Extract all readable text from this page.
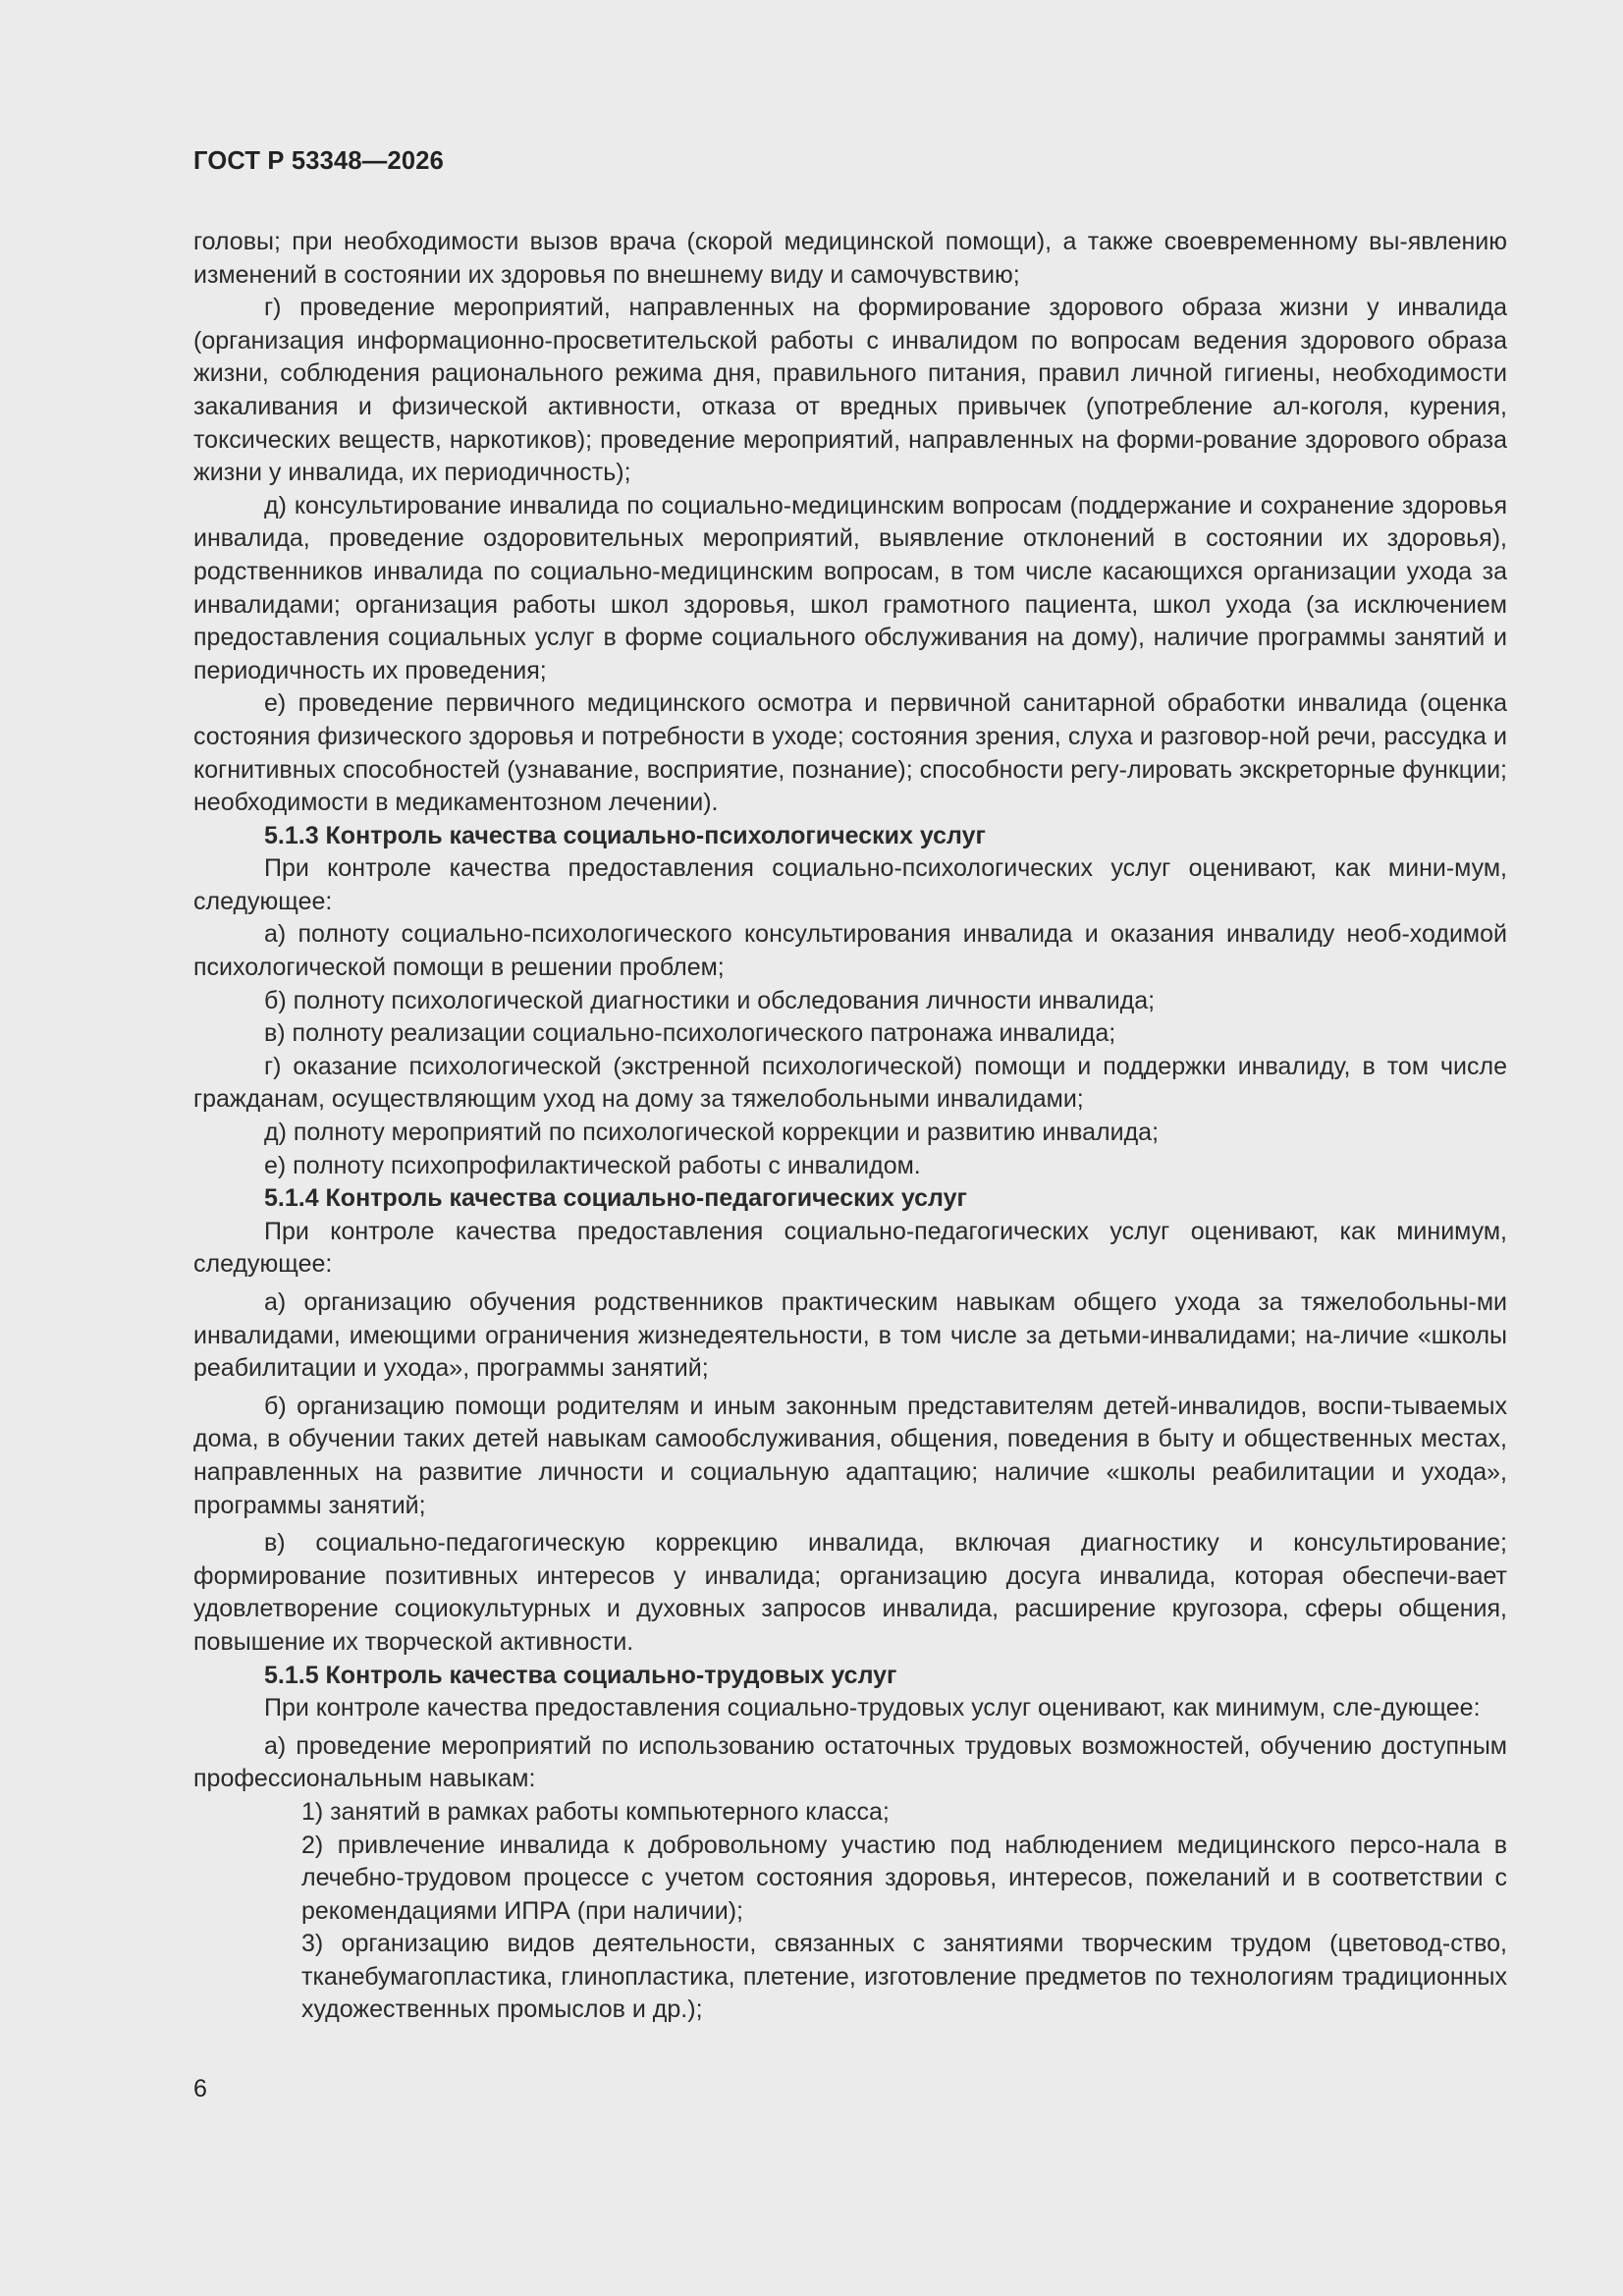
ГОСТ Р 53348—2026

головы; при необходимости вызов врача (скорой медицинской помощи), а также своевременному вы-явлению изменений в состоянии их здоровья по внешнему виду и самочувствию;

г) проведение мероприятий, направленных на формирование здорового образа жизни у инвалида (организация информационно-просветительской работы с инвалидом по вопросам ведения здорового образа жизни, соблюдения рационального режима дня, правильного питания, правил личной гигиены, необходимости закаливания и физической активности, отказа от вредных привычек (употребление ал-коголя, курения, токсических веществ, наркотиков); проведение мероприятий, направленных на форми-рование здорового образа жизни у инвалида, их периодичность);

д) консультирование инвалида по социально-медицинским вопросам (поддержание и сохранение здоровья инвалида, проведение оздоровительных мероприятий, выявление отклонений в состоянии их здоровья), родственников инвалида по социально-медицинским вопросам, в том числе касающихся организации ухода за инвалидами; организация работы школ здоровья, школ грамотного пациента, школ ухода (за исключением предоставления социальных услуг в форме социального обслуживания на дому), наличие программы занятий и периодичность их проведения;

е) проведение первичного медицинского осмотра и первичной санитарной обработки инвалида (оценка состояния физического здоровья и потребности в уходе; состояния зрения, слуха и разговор-ной речи, рассудка и когнитивных способностей (узнавание, восприятие, познание); способности регу-лировать экскреторные функции; необходимости в медикаментозном лечении).

5.1.3 Контроль качества социально-психологических услуг

При контроле качества предоставления социально-психологических услуг оценивают, как мини-мум, следующее:

а) полноту социально-психологического консультирования инвалида и оказания инвалиду необ-ходимой психологической помощи в решении проблем;

б) полноту психологической диагностики и обследования личности инвалида;

в) полноту реализации социально-психологического патронажа инвалида;

г) оказание психологической (экстренной психологической) помощи и поддержки инвалиду, в том числе гражданам, осуществляющим уход на дому за тяжелобольными инвалидами;

д) полноту мероприятий по психологической коррекции и развитию инвалида;

е) полноту психопрофилактической работы с инвалидом.

5.1.4 Контроль качества социально-педагогических услуг

При контроле качества предоставления социально-педагогических услуг оценивают, как минимум, следующее:

а) организацию обучения родственников практическим навыкам общего ухода за тяжелобольны-ми инвалидами, имеющими ограничения жизнедеятельности, в том числе за детьми-инвалидами; на-личие «школы реабилитации и ухода», программы занятий;

б) организацию помощи родителям и иным законным представителям детей-инвалидов, воспи-тываемых дома, в обучении таких детей навыкам самообслуживания, общения, поведения в быту и общественных местах, направленных на развитие личности и социальную адаптацию; наличие «школы реабилитации и ухода», программы занятий;

в) социально-педагогическую коррекцию инвалида, включая диагностику и консультирование; формирование позитивных интересов у инвалида; организацию досуга инвалида, которая обеспечи-вает удовлетворение социокультурных и духовных запросов инвалида, расширение кругозора, сферы общения, повышение их творческой активности.

5.1.5 Контроль качества социально-трудовых услуг

При контроле качества предоставления социально-трудовых услуг оценивают, как минимум, сле-дующее:

а) проведение мероприятий по использованию остаточных трудовых возможностей, обучению доступным профессиональным навыкам:

1) занятий в рамках работы компьютерного класса;

2) привлечение инвалида к добровольному участию под наблюдением медицинского персо-нала в лечебно-трудовом процессе с учетом состояния здоровья, интересов, пожеланий и в соответствии с рекомендациями ИПРА (при наличии);

3) организацию видов деятельности, связанных с занятиями творческим трудом (цветовод-ство, тканебумагопластика, глинопластика, плетение, изготовление предметов по технологиям традиционных художественных промыслов и др.);

6
